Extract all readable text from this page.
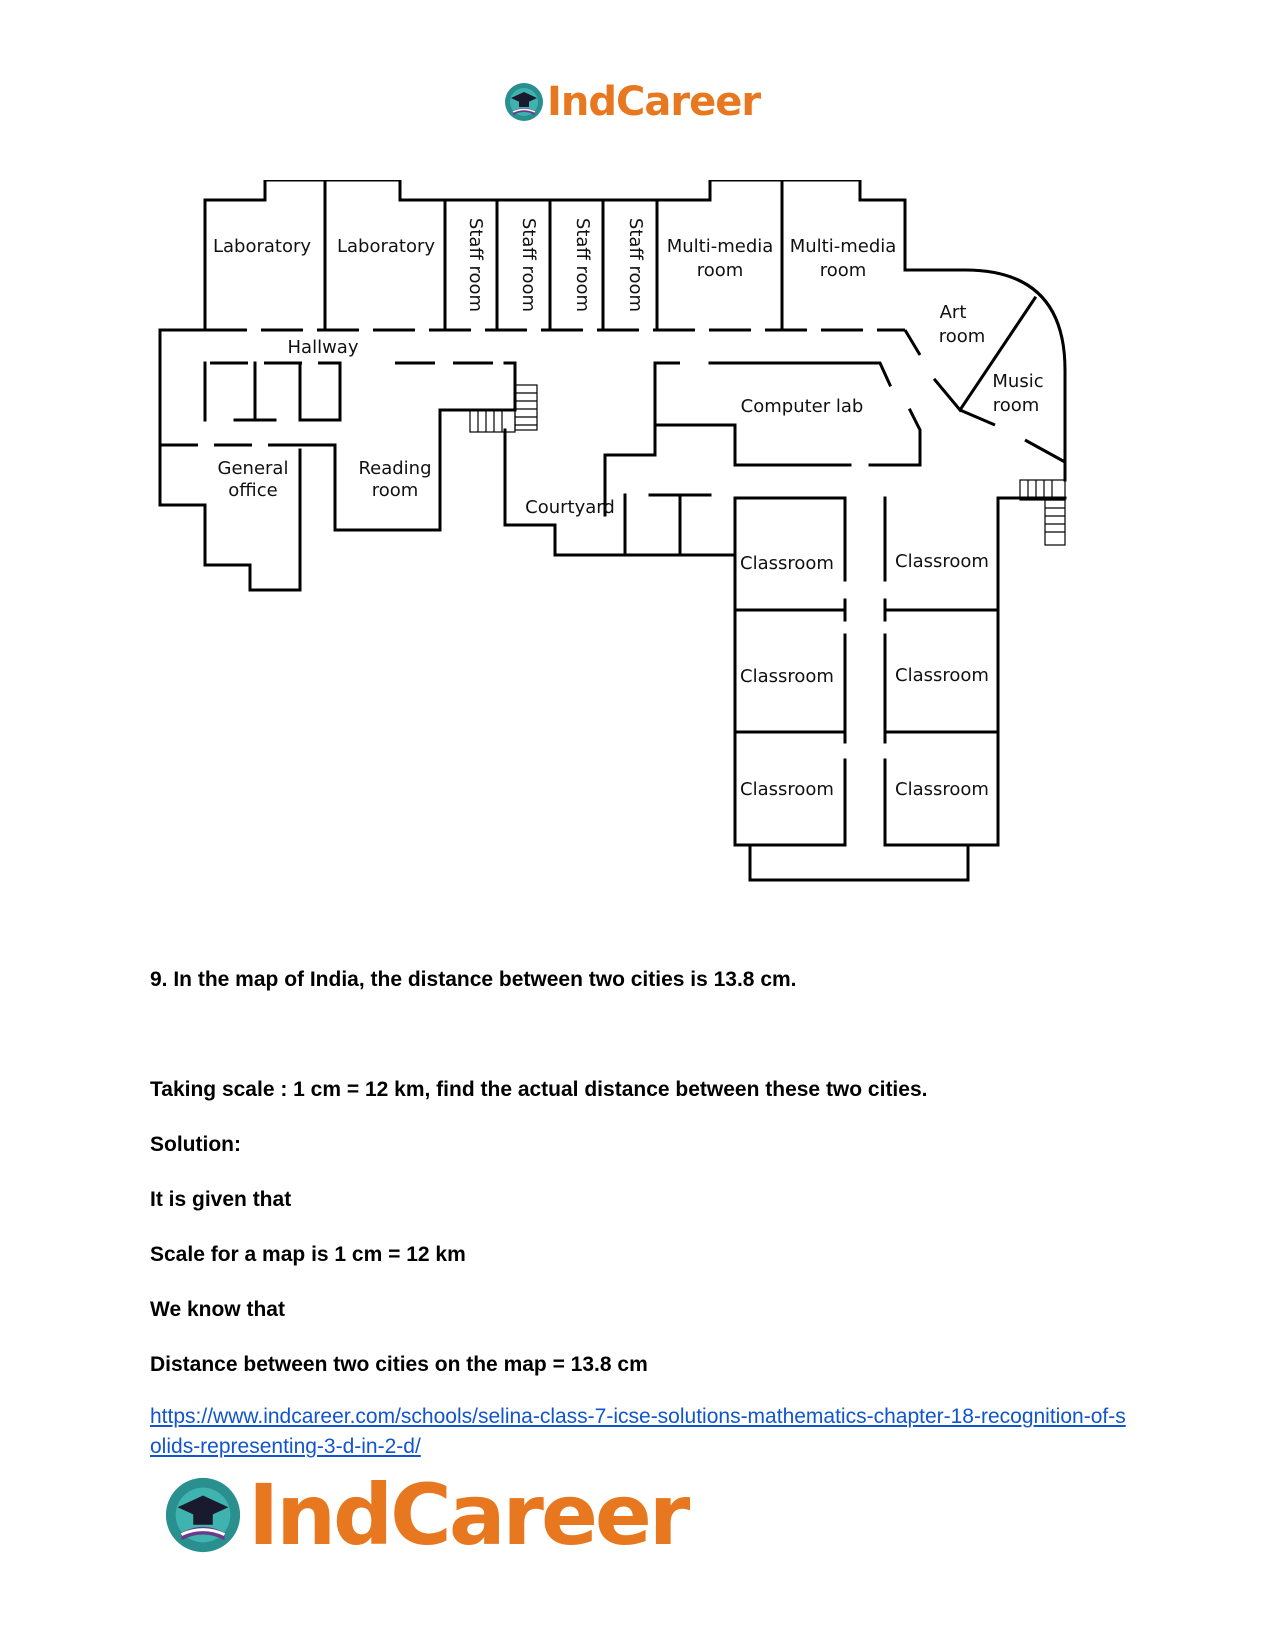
IndCareer
Laboratory Laboratory Staff room Staff room Staff room Staff room Multi-media
room
Multi-media
room
Art
room
Music
room
Hallway
Computer lab
General
office
Reading
room
Courtyard
Classroom	Classroom
Classroom	Classroom
Classroom	Classroom
9. In the map of India, the distance between two cities is 13.8 cm.
Taking scale : 1 cm = 12 km, find the actual distance between these two cities.
Solution:
It is given that
Scale for a map is 1 cm = 12 km
We know that
Distance between two cities on the map = 13.8 cm
https://www.indcareer.com/schools/selina-class-7-icse-solutions-mathematics-chapter-18-recognition-of-solids-representing-3-d-in-2-d/
IndCareer
